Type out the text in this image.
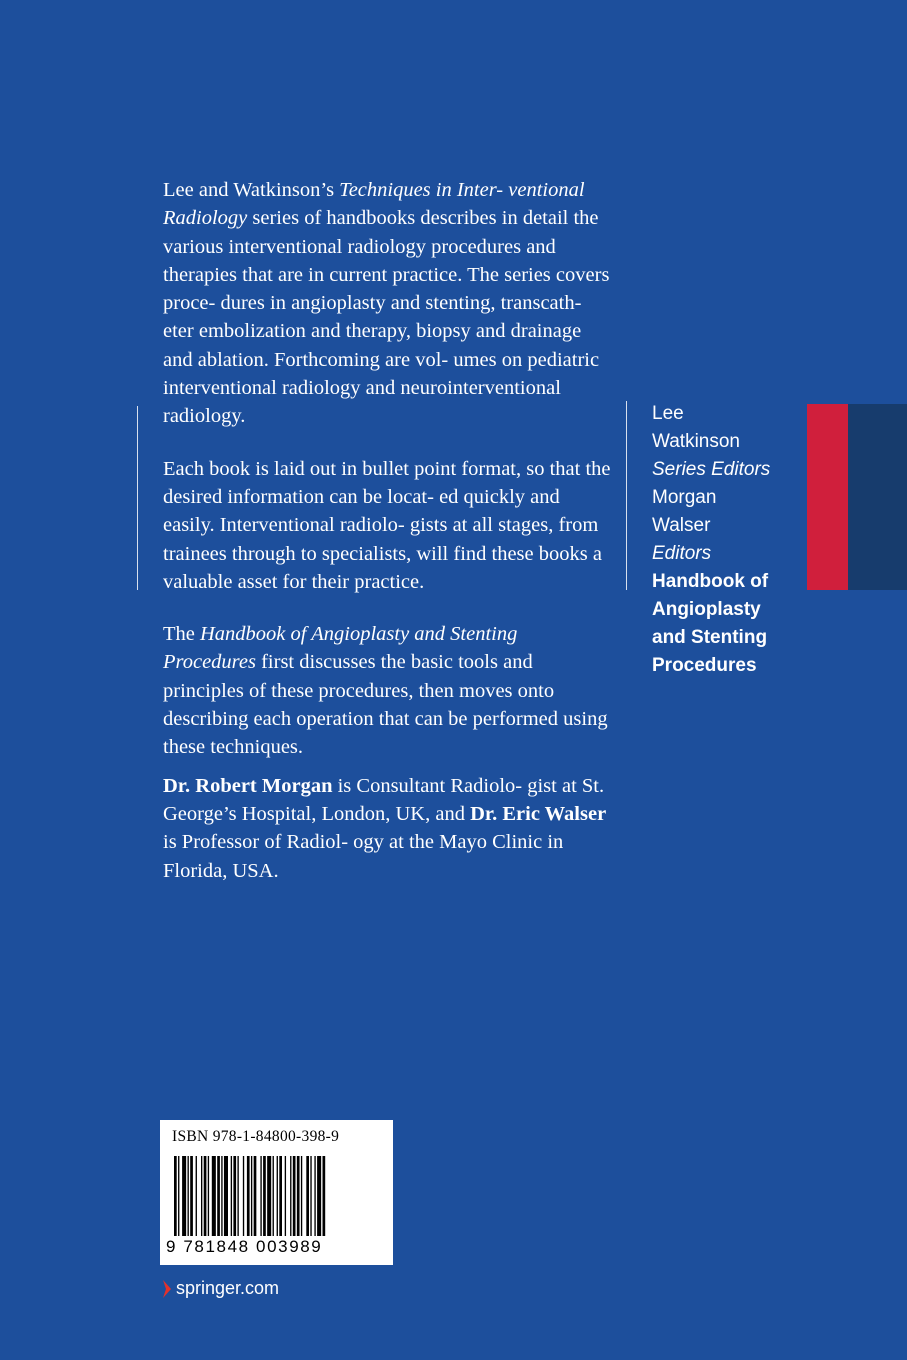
Lee and Watkinson’s Techniques in Inter- ventional Radiology series of handbooks describes in detail the various interventional radiology procedures and therapies that are in current practice. The series covers proce- dures in angioplasty and stenting, transcath- eter embolization and therapy, biopsy and drainage and ablation. Forthcoming are vol- umes on pediatric interventional radiology and neurointerventional radiology.

Each book is laid out in bullet point format, so that the desired information can be locat- ed quickly and easily. Interventional radiolo- gists at all stages, from trainees through to specialists, will find these books a valuable asset for their practice.

The Handbook of Angioplasty and Stenting Procedures first discusses the basic tools and principles of these procedures, then moves onto describing each operation that can be performed using these techniques.

Dr. Robert Morgan is Consultant Radiolo- gist at St. George’s Hospital, London, UK, and Dr. Eric Walser is Professor of Radiol- ogy at the Mayo Clinic in Florida, USA.

Lee
Watkinson
Series Editors
Morgan
Walser
Editors
Handbook of
Angioplasty
and Stenting
Procedures
ISBN 978-1-84800-398-9
9 781848 003989
springer.com
